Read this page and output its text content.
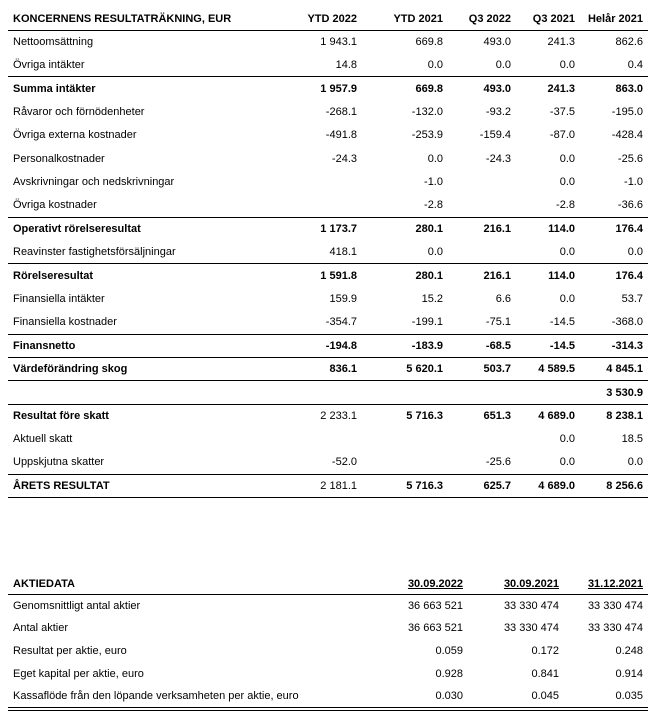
KONCERNENS RESULTATRÄKNING, EUR	YTD 2022	YTD 2021	Q3 2022	Q3 2021	Helår 2021
Nettoomsättning	1 943.1	669.8	493.0	241.3	862.6
Övriga intäkter	14.8	0.0	0.0	0.0	0.4
Summa intäkter	1 957.9	669.8	493.0	241.3	863.0
Råvaror och förnödenheter	-268.1	-132.0	-93.2	-37.5	-195.0
Övriga externa kostnader	-491.8	-253.9	-159.4	-87.0	-428.4
Personalkostnader	-24.3	0.0	-24.3	0.0	-25.6
Avskrivningar och nedskrivningar		-1.0		0.0	-1.0
Övriga kostnader		-2.8		-2.8	-36.6
Operativt rörelseresultat	1 173.7	280.1	216.1	114.0	176.4
Reavinster fastighetsförsäljningar	418.1	0.0		0.0	0.0
Rörelseresultat	1 591.8	280.1	216.1	114.0	176.4
Finansiella intäkter	159.9	15.2	6.6	0.0	53.7
Finansiella kostnader	-354.7	-199.1	-75.1	-14.5	-368.0
Finansnetto	-194.8	-183.9	-68.5	-14.5	-314.3
Värdeförändring skog	836.1	5 620.1	503.7	4 589.5	4 845.1
					3 530.9
Resultat före skatt	2 233.1	5 716.3	651.3	4 689.0	8 238.1
Aktuell skatt				0.0	18.5
Uppskjutna skatter	-52.0		-25.6	0.0	0.0
ÅRETS RESULTAT	2 181.1	5 716.3	625.7	4 689.0	8 256.6
AKTIEDATA	30.09.2022	30.09.2021	31.12.2021
Genomsnittligt antal aktier	36 663 521	33 330 474	33 330 474
Antal aktier	36 663 521	33 330 474	33 330 474
Resultat per aktie, euro	0.059	0.172	0.248
Eget kapital per aktie, euro	0.928	0.841	0.914
Kassaflöde från den löpande verksamheten per aktie, euro	0.030	0.045	0.035
